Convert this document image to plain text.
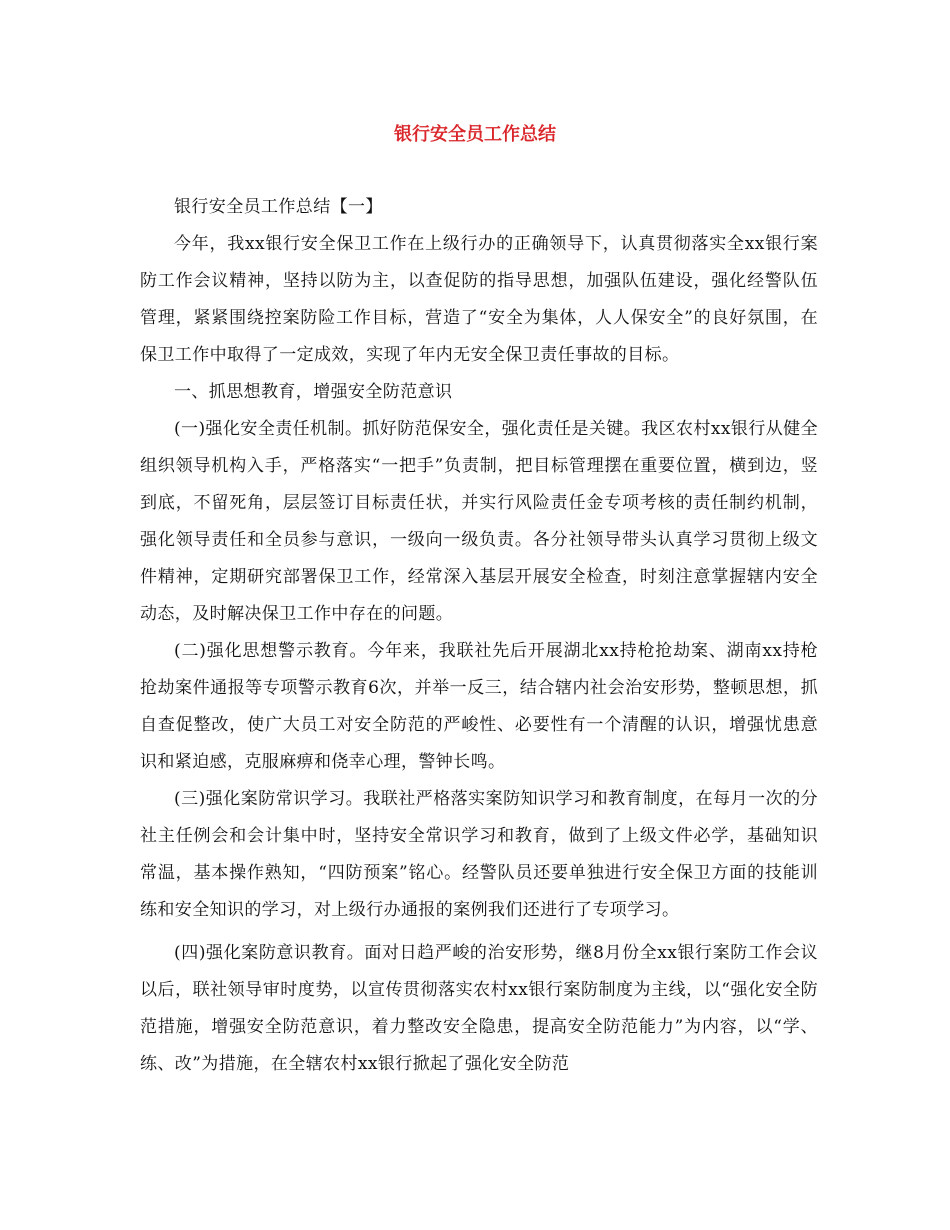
银行安全员工作总结

银行安全员工作总结【一】

今年，我xx银行安全保卫工作在上级行办的正确领导下，认真贯彻落实全xx银行案防工作会议精神，坚持以防为主，以查促防的指导思想，加强队伍建设，强化经警队伍管理，紧紧围绕控案防险工作目标，营造了“安全为集体，人人保安全”的良好氛围，在保卫工作中取得了一定成效，实现了年内无安全保卫责任事故的目标。

一、抓思想教育，增强安全防范意识

(一)强化安全责任机制。抓好防范保安全，强化责任是关键。我区农村xx银行从健全组织领导机构入手，严格落实“一把手”负责制，把目标管理摆在重要位置，横到边，竖到底，不留死角，层层签订目标责任状，并实行风险责任金专项考核的责任制约机制，强化领导责任和全员参与意识，一级向一级负责。各分社领导带头认真学习贯彻上级文件精神，定期研究部署保卫工作，经常深入基层开展安全检查，时刻注意掌握辖内安全动态，及时解决保卫工作中存在的问题。

(二)强化思想警示教育。今年来，我联社先后开展湖北xx持枪抢劫案、湖南xx持枪抢劫案件通报等专项警示教育6次，并举一反三，结合辖内社会治安形势，整顿思想，抓自查促整改，使广大员工对安全防范的严峻性、必要性有一个清醒的认识，增强忧患意识和紧迫感，克服麻痹和侥幸心理，警钟长鸣。

(三)强化案防常识学习。我联社严格落实案防知识学习和教育制度，在每月一次的分社主任例会和会计集中时，坚持安全常识学习和教育，做到了上级文件必学，基础知识常温，基本操作熟知，“四防预案”铭心。经警队员还要单独进行安全保卫方面的技能训练和安全知识的学习，对上级行办通报的案例我们还进行了专项学习。

(四)强化案防意识教育。面对日趋严峻的治安形势，继8月份全xx银行案防工作会议以后，联社领导审时度势，以宣传贯彻落实农村xx银行案防制度为主线，以“强化安全防范措施，增强安全防范意识，着力整改安全隐患，提高安全防范能力”为内容，以“学、练、改”为措施，在全辖农村xx银行掀起了强化安全防范
